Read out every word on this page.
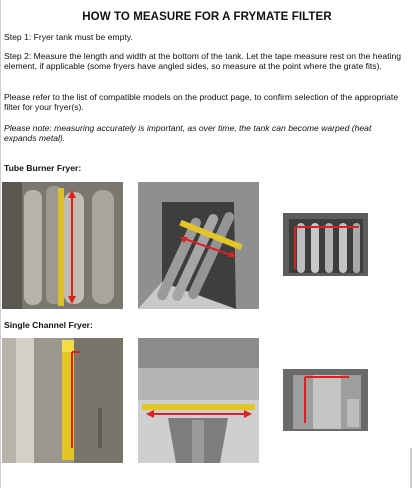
HOW TO MEASURE FOR A FRYMATE FILTER

Step 1: Fryer tank must be empty.

Step 2: Measure the length and width at the bottom of the tank. Let the tape measure rest on the heating element, if applicable (some fryers have angled sides, so measure at the point where the grate fits).

Please refer to the list of compatible models on the product page, to confirm selection of the appropriate filter for your fryer(s).

Please note: measuring accurately is important, as over time, the tank can become warped (heat expands metal).

Tube Burner Fryer:
Single Channel Fryer:
